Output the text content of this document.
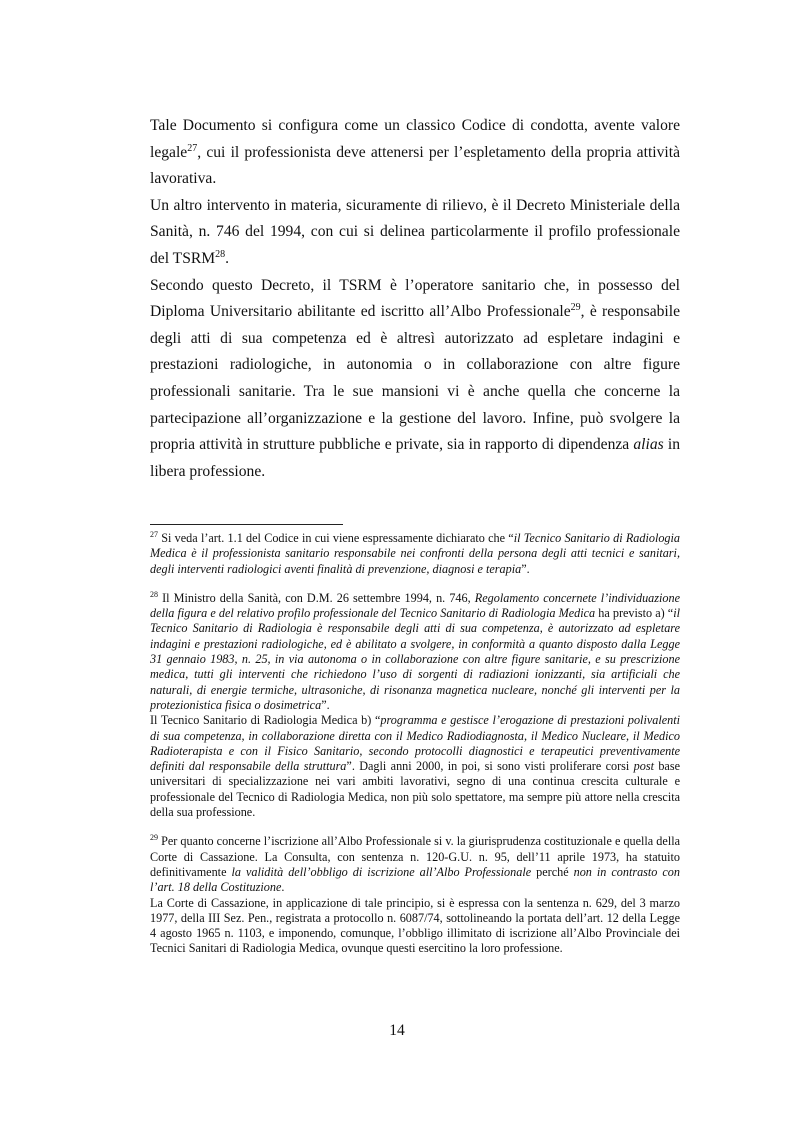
Tale Documento si configura come un classico Codice di condotta, avente valore legale$^{27}$, cui il professionista deve attenersi per l’espletamento della propria attività lavorativa.

Un altro intervento in materia, sicuramente di rilievo, è il Decreto Ministeriale della Sanità, n. 746 del 1994, con cui si delinea particolarmente il profilo professionale del TSRM$^{28}$.

Secondo questo Decreto, il TSRM è l’operatore sanitario che, in possesso del Diploma Universitario abilitante ed iscritto all’Albo Professionale$^{29}$, è responsabile degli atti di sua competenza ed è altresì autorizzato ad espletare indagini e prestazioni radiologiche, in autonomia o in collaborazione con altre figure professionali sanitarie. Tra le sue mansioni vi è anche quella che concerne la partecipazione all’organizzazione e la gestione del lavoro. Infine, può svolgere la propria attività in strutture pubbliche e private, sia in rapporto di dipendenza alias in libera professione.

$^{27}$ Si veda l’art. 1.1 del Codice in cui viene espressamente dichiarato che “il Tecnico Sanitario di Radiologia Medica è il professionista sanitario responsabile nei confronti della persona degli atti tecnici e sanitari, degli interventi radiologici aventi finalità di prevenzione, diagnosi e terapia”.

$^{28}$ Il Ministro della Sanità, con D.M. 26 settembre 1994, n. 746, Regolamento concernete l’individuazione della figura e del relativo profilo professionale del Tecnico Sanitario di Radiologia Medica ha previsto a) “il Tecnico Sanitario di Radiologia è responsabile degli atti di sua competenza, è autorizzato ad espletare indagini e prestazioni radiologiche, ed è abilitato a svolgere, in conformità a quanto disposto dalla Legge 31 gennaio 1983, n. 25, in via autonoma o in collaborazione con altre figure sanitarie, e su prescrizione medica, tutti gli interventi che richiedono l’uso di sorgenti di radiazioni ionizzanti, sia artificiali che naturali, di energie termiche, ultrasoniche, di risonanza magnetica nucleare, nonché gli interventi per la protezionistica fisica o dosimetrica”.

Il Tecnico Sanitario di Radiologia Medica b) “programma e gestisce l’erogazione di prestazioni polivalenti di sua competenza, in collaborazione diretta con il Medico Radiodiagnosta, il Medico Nucleare, il Medico Radioterapista e con il Fisico Sanitario, secondo protocolli diagnostici e terapeutici preventivamente definiti dal responsabile della struttura”. Dagli anni 2000, in poi, si sono visti proliferare corsi post base universitari di specializzazione nei vari ambiti lavorativi, segno di una continua crescita culturale e professionale del Tecnico di Radiologia Medica, non più solo spettatore, ma sempre più attore nella crescita della sua professione.

$^{29}$ Per quanto concerne l’iscrizione all’Albo Professionale si v. la giurisprudenza costituzionale e quella della Corte di Cassazione. La Consulta, con sentenza n. 120-G.U. n. 95, dell’11 aprile 1973, ha statuito definitivamente la validità dell’obbligo di iscrizione all’Albo Professionale perché non in contrasto con l’art. 18 della Costituzione.

La Corte di Cassazione, in applicazione di tale principio, si è espressa con la sentenza n. 629, del 3 marzo 1977, della III Sez. Pen., registrata a protocollo n. 6087/74, sottolineando la portata dell’art. 12 della Legge 4 agosto 1965 n. 1103, e imponendo, comunque, l’obbligo illimitato di iscrizione all’Albo Provinciale dei Tecnici Sanitari di Radiologia Medica, ovunque questi esercitino la loro professione.

14
